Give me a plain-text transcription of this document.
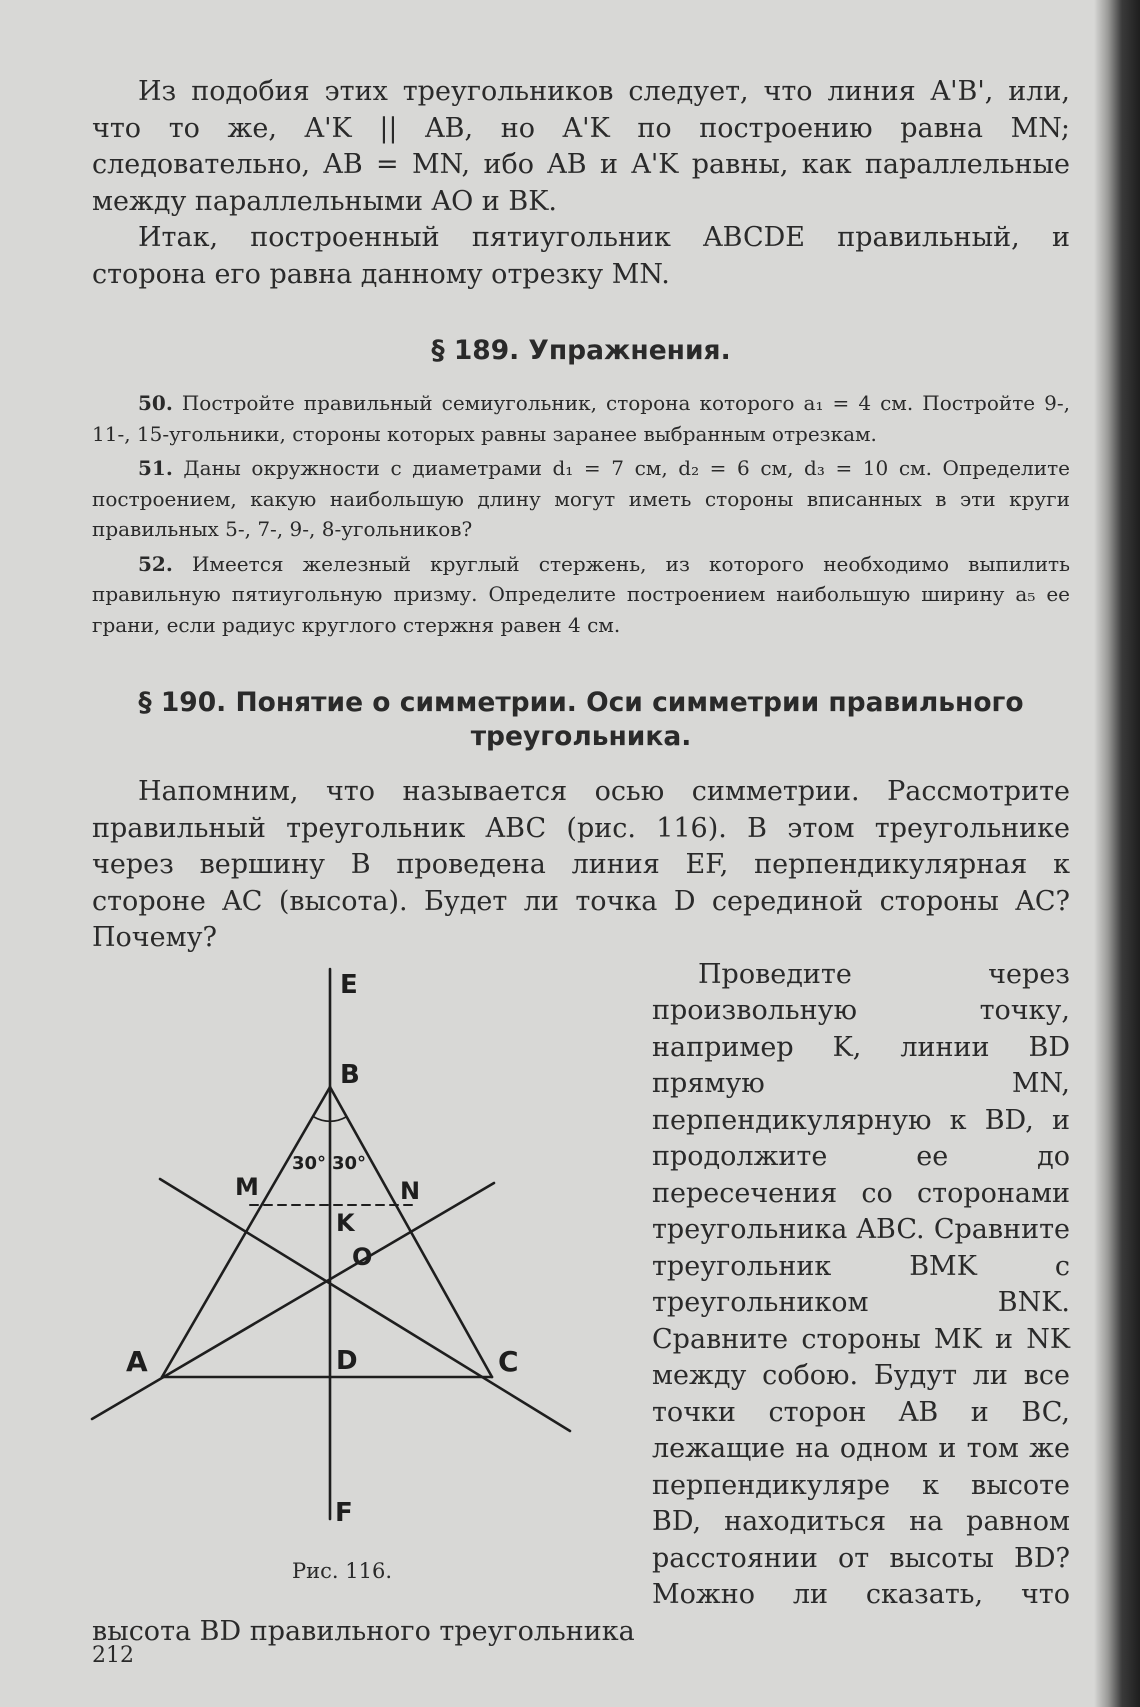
Из подобия этих треугольников следует, что линия A'B', или, что то же, A'K || AB, но A'K по построению равна MN; следовательно, AB = MN, ибо AB и A'K равны, как параллельные между параллельными AO и BK.

Итак, построенный пятиугольник ABCDE правильный, и сторона его равна данному отрезку MN.

§ 189. Упражнения.

50. Постройте правильный семиугольник, сторона которого a₁ = 4 см. Постройте 9-, 11-, 15-угольники, стороны которых равны заранее выбранным отрезкам.

51. Даны окружности с диаметрами d₁ = 7 см, d₂ = 6 см, d₃ = 10 см. Определите построением, какую наибольшую длину могут иметь стороны вписанных в эти круги правильных 5-, 7-, 9-, 8-угольников?

52. Имеется железный круглый стержень, из которого необходимо выпилить правильную пятиугольную призму. Определите построением наибольшую ширину a₅ ее грани, если радиус круглого стержня равен 4 см.

§ 190. Понятие о симметрии. Оси симметрии правильного
треугольника.

Напомним, что называется осью симметрии. Рассмотрите правильный треугольник ABC (рис. 116). В этом треугольнике через вершину B проведена линия EF, перпендикулярная к стороне AC (высота). Будет ли точка D серединой стороны AC? Почему?

E
B
M	N
K
O
A	D	C
F
30° 30°
Рис. 116.

Проведите через произвольную точку, например K, линии BD прямую MN, перпендикулярную к BD, и продолжите ее до пересечения со сторонами треугольника ABC. Сравните треугольник BMK с треугольником BNK. Сравните стороны MK и NK между собою. Будут ли все точки сторон AB и BC, лежащие на одном и том же перпендикуляре к высоте BD, находиться на равном расстоянии от высоты BD? Можно ли сказать, что высота BD правильного треугольника

212
